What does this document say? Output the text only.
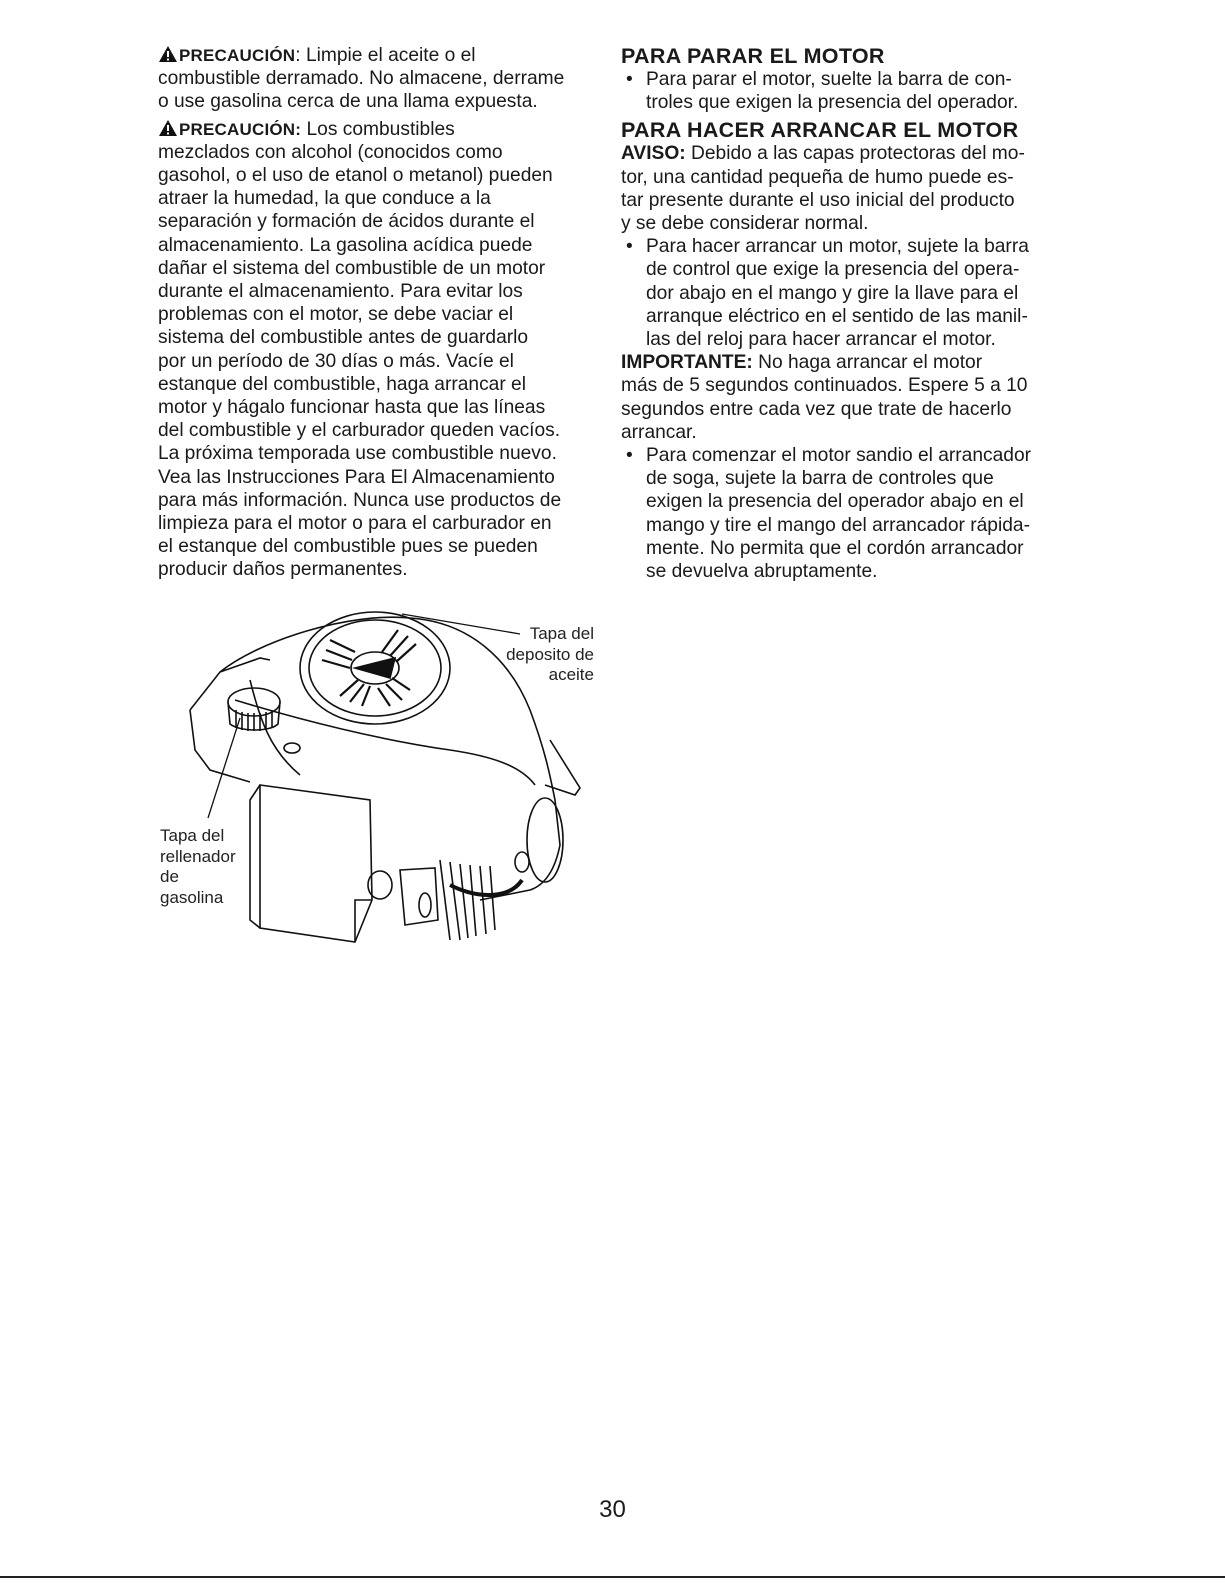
PRECAUCIÓN: Limpie el aceite o el
combustible derramado. No almacene, derrame
o use gasolina cerca de una llama expuesta.

PRECAUCIÓN: Los combustibles
mezclados con alcohol (conocidos como
gasohol, o el uso de etanol o metanol) pueden
atraer la humedad, la que conduce a la
separación y formación de ácidos durante el
almacenamiento. La gasolina acídica puede
dañar el sistema del combustible de un motor
durante el almacenamiento. Para evitar los
problemas con el motor, se debe vaciar el
sistema del combustible antes de guardarlo
por un período de 30 días o más. Vacíe el
estanque del combustible, haga arrancar el
motor y hágalo funcionar hasta que las líneas
del combustible y el carburador queden vacíos.
La próxima temporada use combustible nuevo.
Vea las Instrucciones Para El Almacenamiento
para más información. Nunca use productos de
limpieza para el motor o para el carburador en
el estanque del combustible pues se pueden
producir daños permanentes.

Tapa del
deposito de
aceite
Tapa del
rellenador
de
gasolina
PARA PARAR EL MOTOR
• Para parar el motor, suelte la barra de con-
troles que exigen la presencia del operador.
PARA HACER ARRANCAR EL MOTOR

AVISO: Debido a las capas protectoras del mo-
tor, una cantidad pequeña de humo puede es-
tar presente durante el uso inicial del producto
y se debe considerar normal.

• Para hacer arrancar un motor, sujete la barra
de control que exige la presencia del opera-
dor abajo en el mango y gire la llave para el
arranque eléctrico en el sentido de las manil-
las del reloj para hacer arrancar el motor.

IMPORTANTE: No haga arrancar el motor
más de 5 segundos continuados. Espere 5 a 10
segundos entre cada vez que trate de hacerlo
arrancar.

• Para comenzar el motor sandio el arrancador
de soga, sujete la barra de controles que
exigen la presencia del operador abajo en el
mango y tire el mango del arrancador rápida-
mente. No permita que el cordón arrancador
se devuelva abruptamente.
30
